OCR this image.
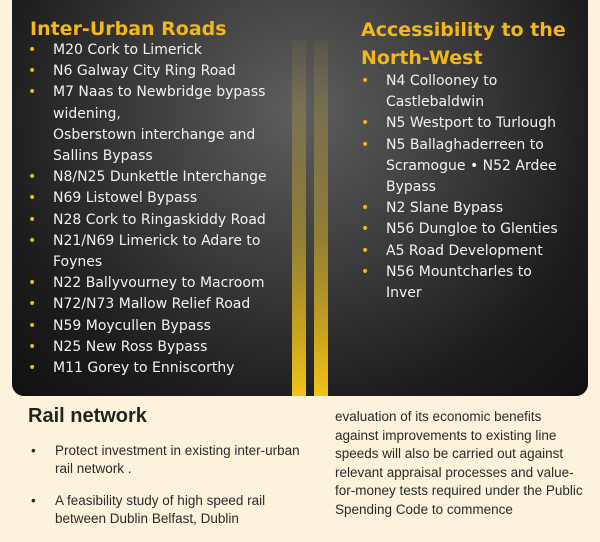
Inter-Urban Roads
• M20 Cork to Limerick
• N6 Galway City Ring Road
• M7 Naas to Newbridge bypass widening,
Osberstown interchange and Sallins Bypass
• N8/N25 Dunkettle Interchange
• N69 Listowel Bypass
• N28 Cork to Ringaskiddy Road
• N21/N69 Limerick to Adare to Foynes
• N22 Ballyvourney to Macroom
• N72/N73 Mallow Relief Road
• N59 Moycullen Bypass
• N25 New Ross Bypass
• M11 Gorey to Enniscorthy
Accessibility to the North-West
• N4 Collooney to Castlebaldwin
• N5 Westport to Turlough
• N5 Ballaghaderreen to Scramogue • N52 Ardee Bypass
• N2 Slane Bypass
• N56 Dungloe to Glenties
• A5 Road Development
• N56 Mountcharles to Inver
Rail network
• Protect investment in existing inter-urban rail network .
• A feasibility study of high speed rail between Dublin Belfast, Dublin

evaluation of its economic benefits against improvements to existing line speeds will also be carried out against relevant appraisal processes and value-for-money tests required under the Public Spending Code to commence
